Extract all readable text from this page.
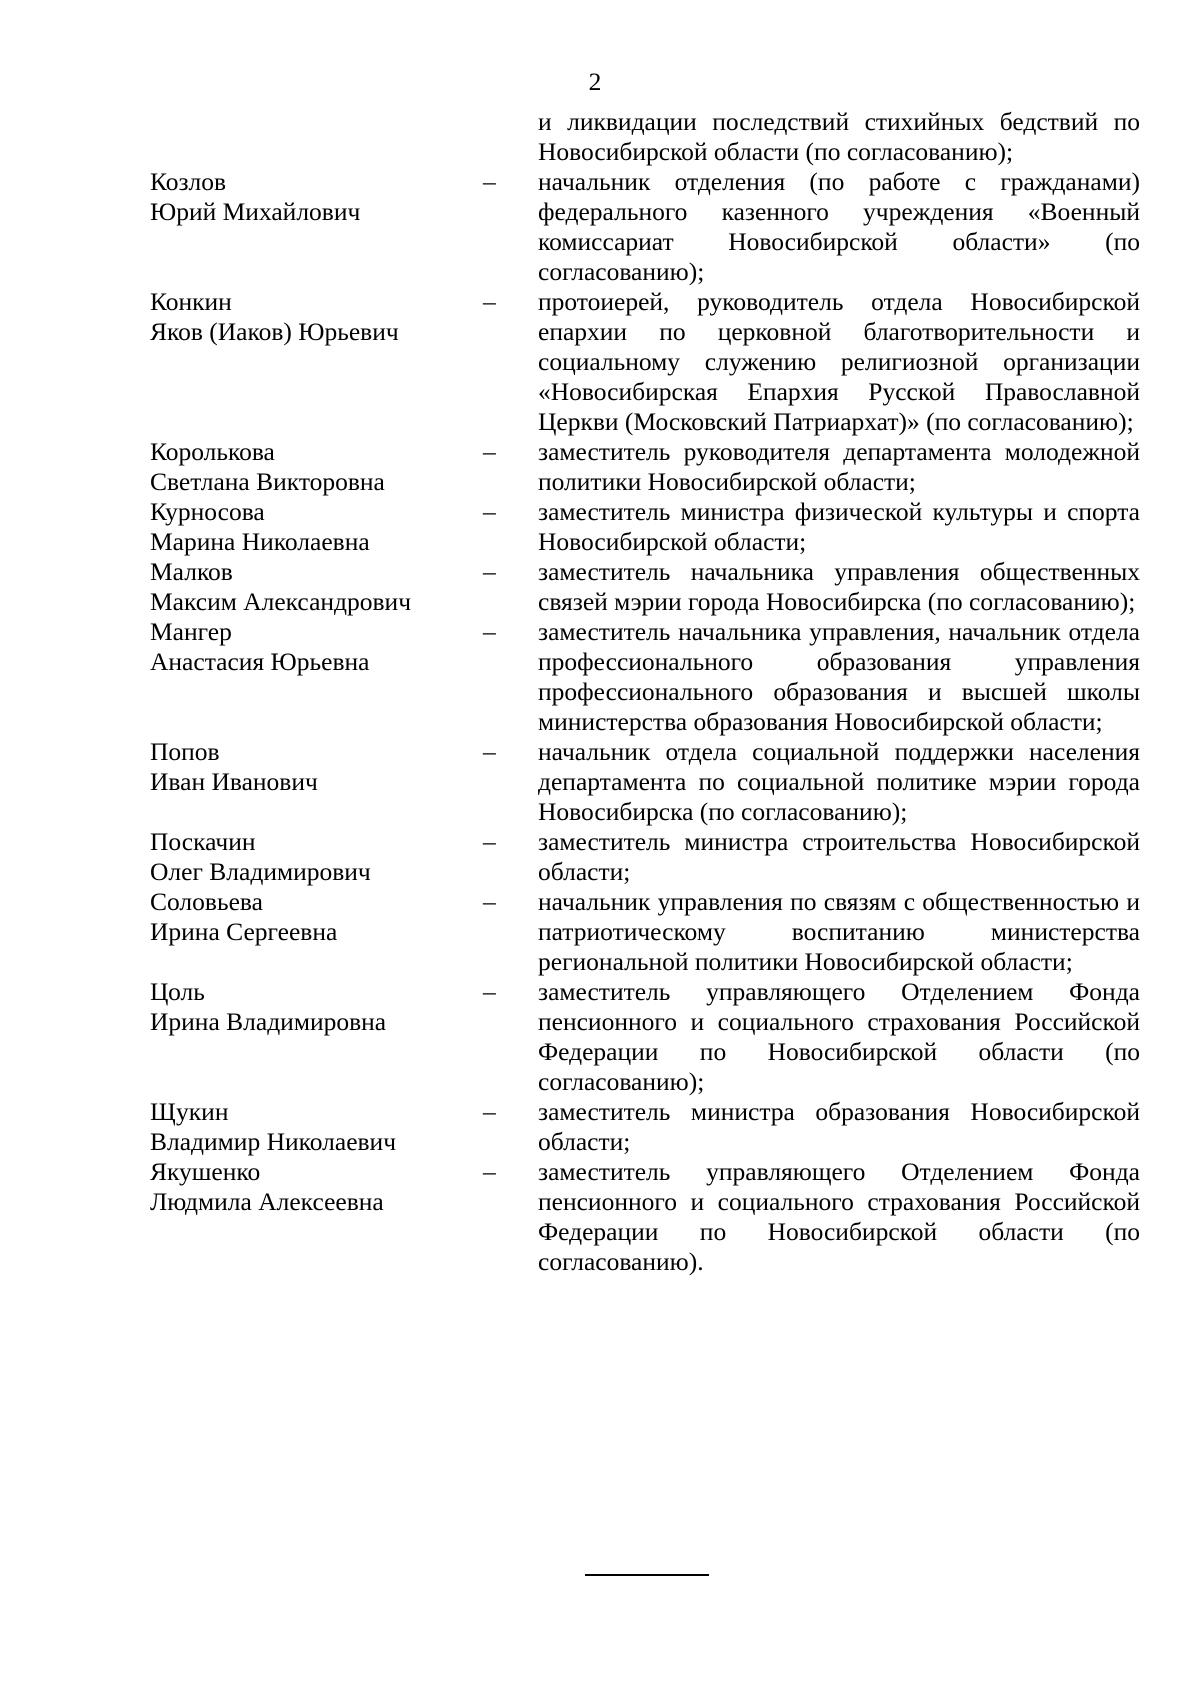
2
и ликвидации последствий стихийных бедствий по Новосибирской области (по согласованию);
Козлов
Юрий Михайлович
–	начальник отделения (по работе с гражданами) федерального казенного учреждения «Военный комиссариат Новосибирской области» (по согласованию);
Конкин
Яков (Иаков) Юрьевич
–	протоиерей, руководитель отдела Новосибирской епархии по церковной благотворительности и социальному служению религиозной организации «Новосибирская Епархия Русской Православной Церкви (Московский Патриархат)» (по согласованию);
Королькова
Светлана Викторовна
–	заместитель руководителя департамента молодежной политики Новосибирской области;
Курносова
Марина Николаевна
–	заместитель министра физической культуры и спорта Новосибирской области;
Малков
Максим Александрович
–	заместитель начальника управления общественных связей мэрии города Новосибирска (по согласованию);
Мангер
Анастасия Юрьевна
–	заместитель начальника управления, начальник отдела профессионального образования управления профессионального образования и высшей школы министерства образования Новосибирской области;
Попов
Иван Иванович
–	начальник отдела социальной поддержки населения департамента по социальной политике мэрии города Новосибирска (по согласованию);
Поскачин
Олег Владимирович
–	заместитель министра строительства Новосибирской области;
Соловьева
Ирина Сергеевна
–	начальник управления по связям с общественностью и патриотическому воспитанию министерства региональной политики Новосибирской области;
Цоль
Ирина Владимировна
–	заместитель управляющего Отделением Фонда пенсионного и социального страхования Российской Федерации по Новосибирской области (по согласованию);
Щукин
Владимир Николаевич
–	заместитель министра образования Новосибирской области;
Якушенко
Людмила Алексеевна
–	заместитель управляющего Отделением Фонда пенсионного и социального страхования Российской Федерации по Новосибирской области (по согласованию).
